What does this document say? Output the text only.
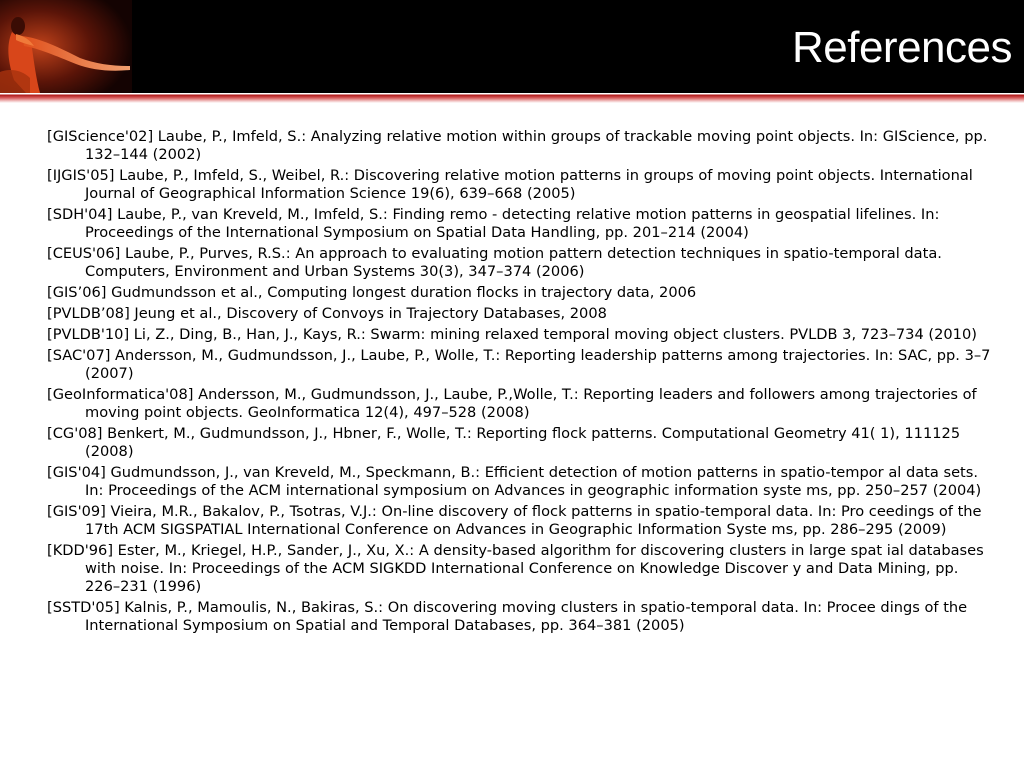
References
[GIScience'02] Laube, P., Imfeld, S.: Analyzing relative motion within groups of trackable moving point objects. In: GIScience, pp. 132–144 (2002)
[IJGIS'05] Laube, P., Imfeld, S., Weibel, R.: Discovering relative motion patterns in groups of moving point objects. International Journal of Geographical Information Science 19(6), 639–668 (2005)
[SDH'04] Laube, P., van Kreveld, M., Imfeld, S.: Finding remo - detecting relative motion patterns in geospatial lifelines. In: Proceedings of the International Symposium on Spatial Data Handling, pp. 201–214 (2004)
[CEUS'06] Laube, P., Purves, R.S.: An approach to evaluating motion pattern detection techniques in spatio-temporal data. Computers, Environment and Urban Systems 30(3), 347–374 (2006)
[GIS’06] Gudmundsson et al., Computing longest duration flocks in trajectory data, 2006
[PVLDB’08] Jeung et al., Discovery of Convoys in Trajectory Databases, 2008
[PVLDB'10] Li, Z., Ding, B., Han, J., Kays, R.: Swarm: mining relaxed temporal moving object clusters. PVLDB 3, 723–734 (2010)
[SAC'07] Andersson, M., Gudmundsson, J., Laube, P., Wolle, T.: Reporting leadership patterns among trajectories. In: SAC, pp. 3–7 (2007)
[GeoInformatica'08] Andersson, M., Gudmundsson, J., Laube, P.,Wolle, T.: Reporting leaders and followers among trajectories of moving point objects. GeoInformatica 12(4), 497–528 (2008)
[CG'08] Benkert, M., Gudmundsson, J., Hbner, F., Wolle, T.: Reporting flock patterns. Computational Geometry 41( 1), 111125 (2008)
[GIS'04] Gudmundsson, J., van Kreveld, M., Speckmann, B.: Efficient detection of motion patterns in spatio-tempor al data sets. In: Proceedings of the ACM international symposium on Advances in geographic information syste ms, pp. 250–257 (2004)
[GIS'09] Vieira, M.R., Bakalov, P., Tsotras, V.J.: On-line discovery of flock patterns in spatio-temporal data. In: Pro ceedings of the 17th ACM SIGSPATIAL International Conference on Advances in Geographic Information Syste ms, pp. 286–295 (2009)
[KDD'96] Ester, M., Kriegel, H.P., Sander, J., Xu, X.: A density-based algorithm for discovering clusters in large spat ial databases with noise. In: Proceedings of the ACM SIGKDD International Conference on Knowledge Discover y and Data Mining, pp. 226–231 (1996)
[SSTD'05] Kalnis, P., Mamoulis, N., Bakiras, S.: On discovering moving clusters in spatio-temporal data. In: Procee dings of the International Symposium on Spatial and Temporal Databases, pp. 364–381 (2005)
